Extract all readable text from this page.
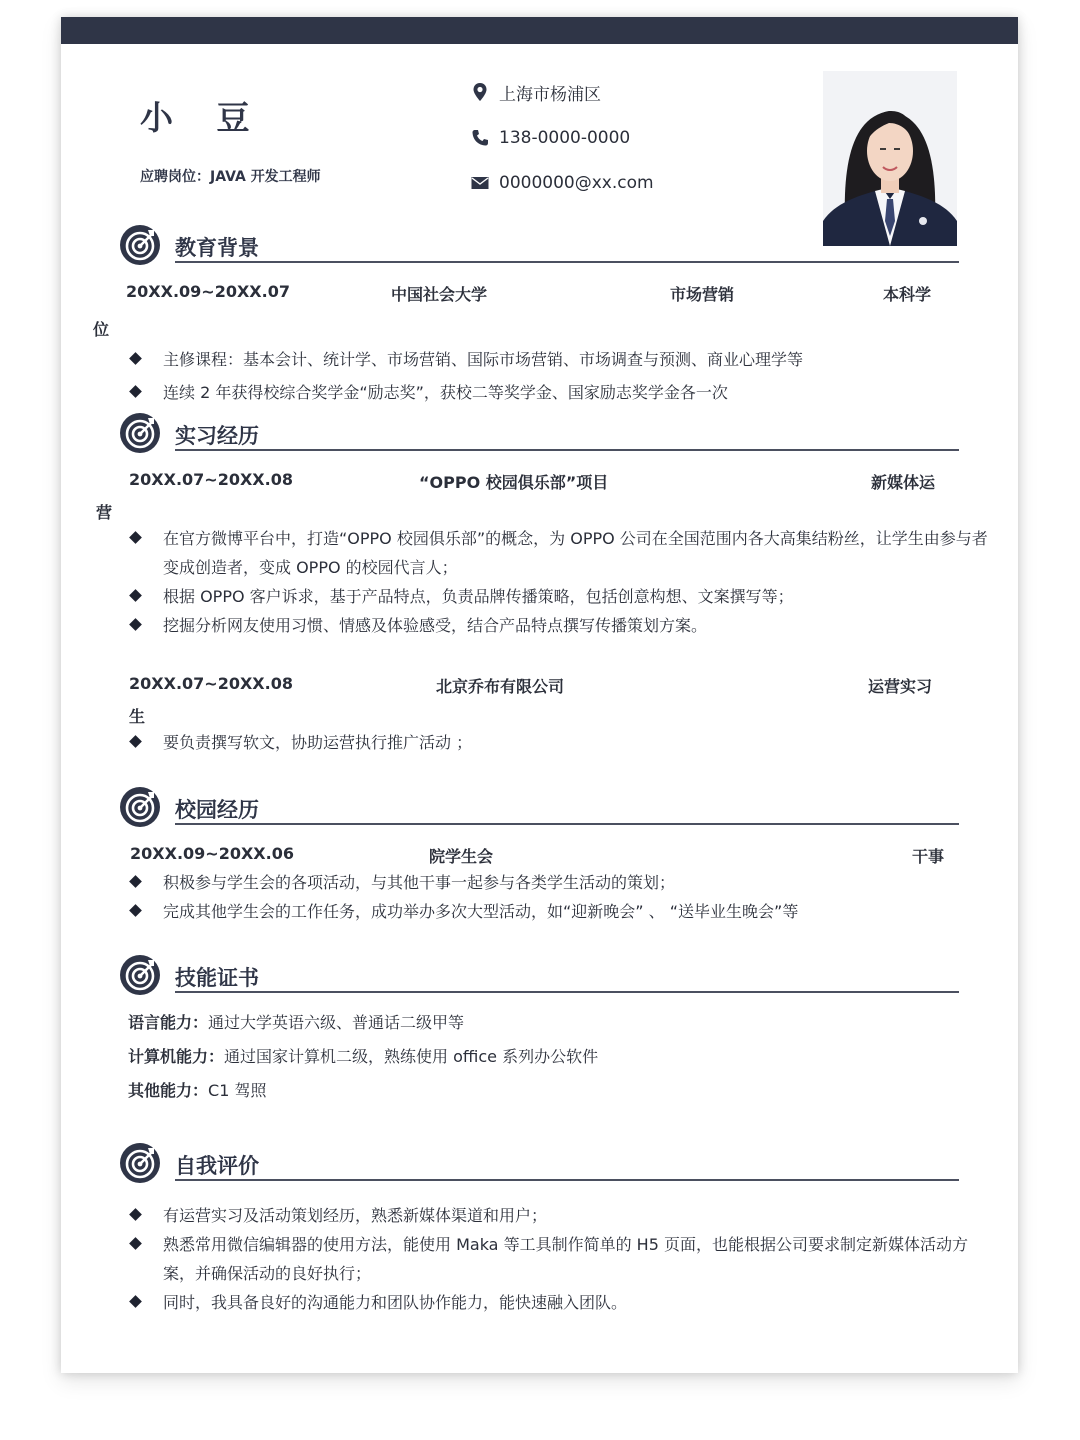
小 豆
应聘岗位：JAVA 开发工程师
上海市杨浦区
138-0000-0000
0000000@xx.com
教育背景
20XX.09~20XX.07	中国社会大学	市场营销	本科学
位
主修课程：基本会计、统计学、市场营销、国际市场营销、市场调查与预测、商业心理学等
连续 2 年获得校综合奖学金“励志奖”，获校二等奖学金、国家励志奖学金各一次
实习经历
20XX.07~20XX.08	“OPPO 校园俱乐部”项目	新媒体运
营
在官方微博平台中，打造“OPPO 校园俱乐部”的概念，为 OPPO 公司在全国范围内各大高集结粉丝，让学生由参与者变成创造者，变成 OPPO 的校园代言人；
根据 OPPO 客户诉求，基于产品特点，负责品牌传播策略，包括创意构想、文案撰写等；
挖掘分析网友使用习惯、情感及体验感受，结合产品特点撰写传播策划方案。
20XX.07~20XX.08	北京乔布有限公司	运营实习
生
要负责撰写软文，协助运营执行推广活动 ；
校园经历
20XX.09~20XX.06	院学生会	干事
积极参与学生会的各项活动，与其他干事一起参与各类学生活动的策划；
完成其他学生会的工作任务，成功举办多次大型活动，如“迎新晚会” 、 “送毕业生晚会”等
技能证书
语言能力：通过大学英语六级、普通话二级甲等
计算机能力：通过国家计算机二级，熟练使用 office 系列办公软件
其他能力：C1 驾照
自我评价
有运营实习及活动策划经历，熟悉新媒体渠道和用户；
熟悉常用微信编辑器的使用方法，能使用 Maka 等工具制作简单的 H5 页面，也能根据公司要求制定新媒体活动方案，并确保活动的良好执行；
同时，我具备良好的沟通能力和团队协作能力，能快速融入团队。
